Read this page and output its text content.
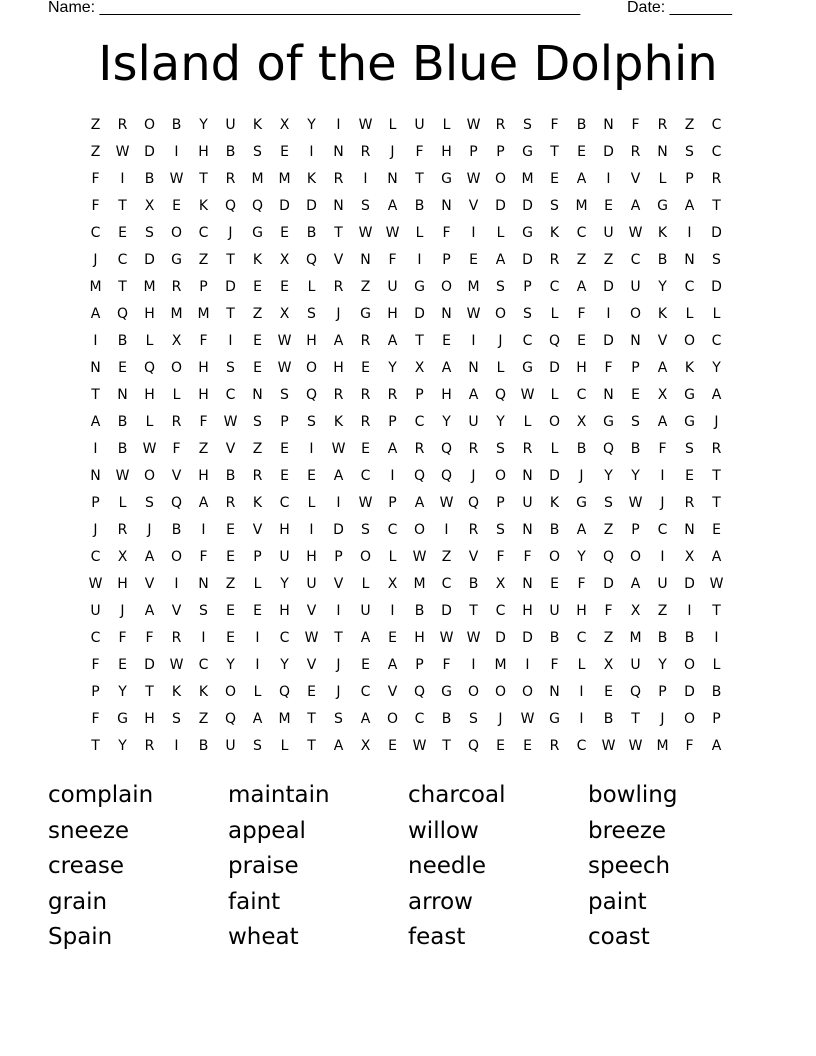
Name: ______________________________________________________	Date: _______
Island of the Blue Dolphin
Z	R	O	B	Y	U	K	X	Y	I	W	L	U	L	W	R	S	F	B	N	F	R	Z	C
Z	W	D	I	H	B	S	E	I	N	R	J	F	H	P	P	G	T	E	D	R	N	S	C
F	I	B	W	T	R	M	M	K	R	I	N	T	G	W	O	M	E	A	I	V	L	P	R
F	T	X	E	K	Q	Q	D	D	N	S	A	B	N	V	D	D	S	M	E	A	G	A	T
C	E	S	O	C	J	G	E	B	T	W W	L	F	I	L	G	K	C	U	W	K	I	D
J	C	D	G	Z	T	K	X	Q	V	N	F	I	P	E	A	D	R	Z	Z	C	B	N	S
M	T	M	R	P	D	E	E	L	R	Z	U	G	O	M	S	P	C	A	D	U	Y	C	D
A	Q	H	M	M	T	Z	X	S	J	G	H	D	N	W	O	S	L	F	I	O	K	L	L
I	B	L	X	F	I	E	W	H	A	R	A	T	E	I	J	C	Q	E	D	N	V	O	C
N	E	Q	O	H	S	E	W	O	H	E	Y	X	A	N	L	G	D	H	F	P	A	K	Y
T	N	H	L	H	C	N	S	Q	R	R	R	P	H	A	Q	W	L	C	N	E	X	G	A
A	B	L	R	F	W	S	P	S	K	R	P	C	Y	U	Y	L	O	X	G	S	A	G	J
I	B	W	F	Z	V	Z	E	I	W	E	A	R	Q	R	S	R	L	B	Q	B	F	S	R
N	W	O	V	H	B	R	E	E	A	C	I	Q	Q	J	O	N	D	J	Y	Y	I	E	T
P	L	S	Q	A	R	K	C	L	I	W	P	A	W	Q	P	U	K	G	S	W	J	R	T
J	R	J	B	I	E	V	H	I	D	S	C	O	I	R	S	N	B	A	Z	P	C	N	E
C	X	A	O	F	E	P	U	H	P	O	L	W	Z	V	F	F	O	Y	Q	O	I	X	A
W	H	V	I	N	Z	L	Y	U	V	L	X	M	C	B	X	N	E	F	D	A	U	D	W
U	J	A	V	S	E	E	H	V	I	U	I	B	D	T	C	H	U	H	F	X	Z	I	T
C	F	F	R	I	E	I	C	W	T	A	E	H	W W	D	D	B	C	Z	M	B	B	I
F	E	D	W	C	Y	I	Y	V	J	E	A	P	F	I	M	I	F	L	X	U	Y	O	L
P	Y	T	K	K	O	L	Q	E	J	C	V	Q	G	O	O	O	N	I	E	Q	P	D	B
F	G	H	S	Z	Q	A	M	T	S	A	O	C	B	S	J	W	G	I	B	T	J	O	P
T	Y	R	I	B	U	S	L	T	A	X	E	W	T	Q	E	E	R	C	W W	M	F	A
complain	maintain	charcoal	bowling
sneeze	appeal	willow	breeze
crease	praise	needle	speech
grain	faint	arrow	paint
Spain	wheat	feast	coast
